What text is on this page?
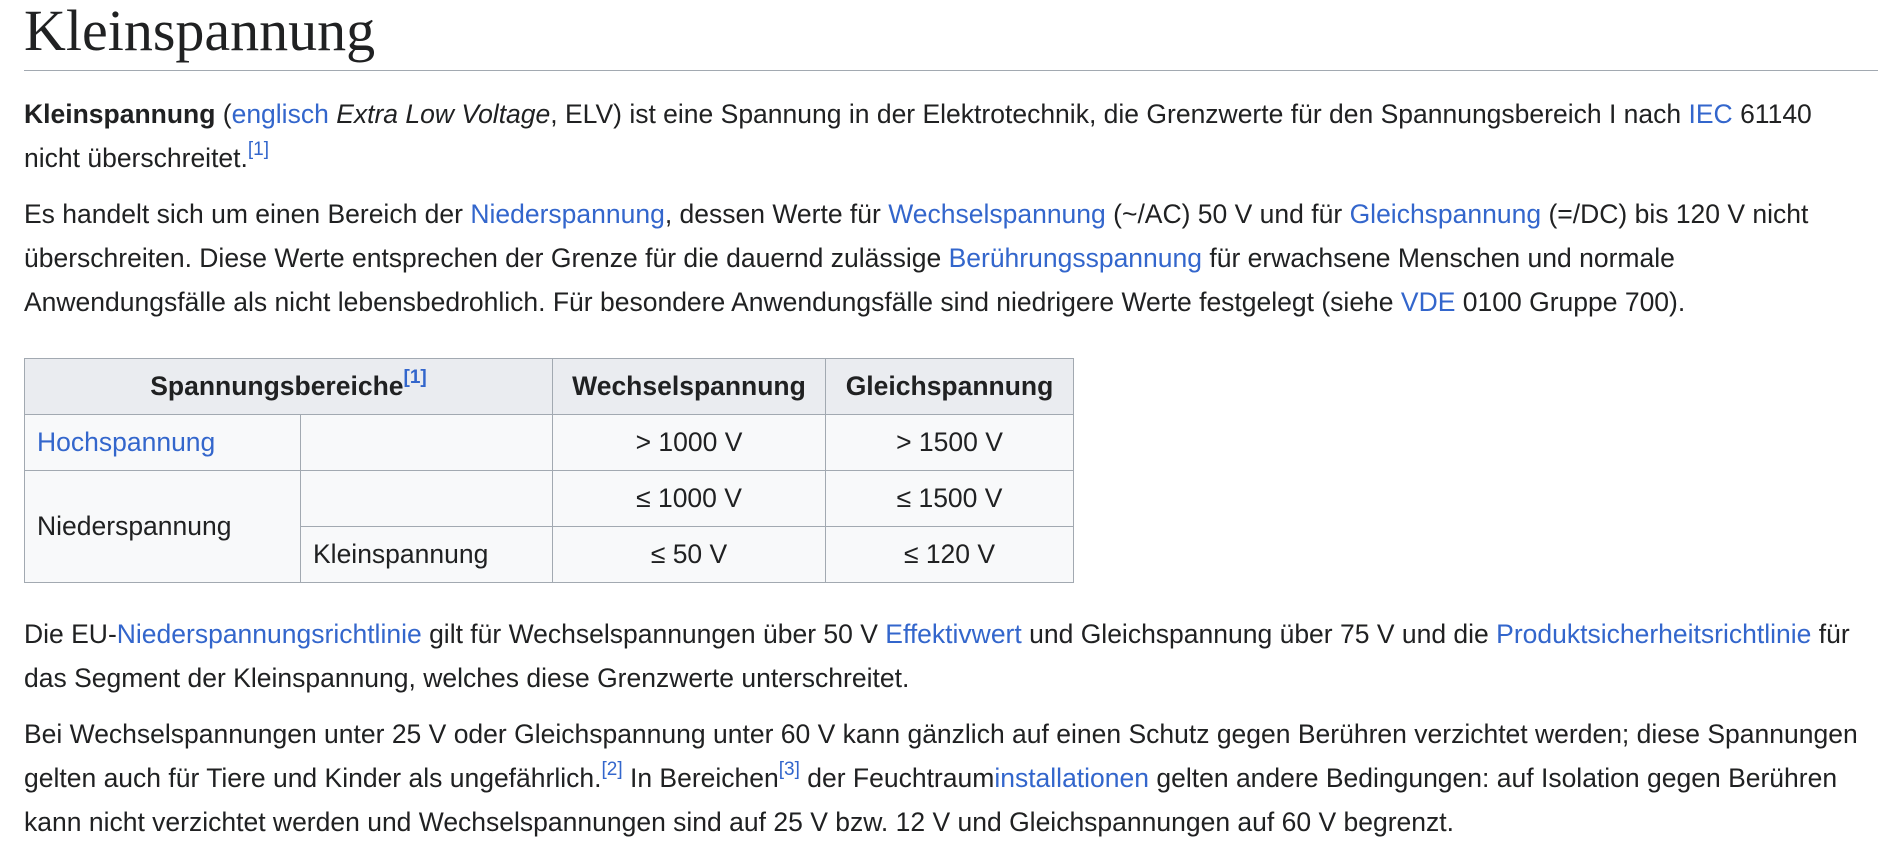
Kleinspannung

Kleinspannung (englisch Extra Low Voltage, ELV) ist eine Spannung in der Elektrotechnik, die Grenzwerte für den Spannungsbereich I nach IEC 61140 nicht überschreitet.[1]

Es handelt sich um einen Bereich der Niederspannung, dessen Werte für Wechselspannung (~/AC) 50 V und für Gleichspannung (=/DC) bis 120 V nicht überschreiten. Diese Werte entsprechen der Grenze für die dauernd zulässige Berührungsspannung für erwachsene Menschen und normale Anwendungsfälle als nicht lebensbedrohlich. Für besondere Anwendungsfälle sind niedrigere Werte festgelegt (siehe VDE 0100 Gruppe 700).

Spannungsbereiche[1]		Wechselspannung	Gleichspannung
Hochspannung		> 1000 V	> 1500 V
Niederspannung		≤ 1000 V	≤ 1500 V
	Kleinspannung	≤ 50 V	≤ 120 V

Die EU-Niederspannungsrichtlinie gilt für Wechselspannungen über 50 V Effektivwert und Gleichspannung über 75 V und die Produktsicherheitsrichtlinie für das Segment der Kleinspannung, welches diese Grenzwerte unterschreitet.

Bei Wechselspannungen unter 25 V oder Gleichspannung unter 60 V kann gänzlich auf einen Schutz gegen Berühren verzichtet werden; diese Spannungen gelten auch für Tiere und Kinder als ungefährlich.[2] In Bereichen[3] der Feuchtrauminstallationen gelten andere Bedingungen: auf Isolation gegen Berühren kann nicht verzichtet werden und Wechselspannungen sind auf 25 V bzw. 12 V und Gleichspannungen auf 60 V begrenzt.
